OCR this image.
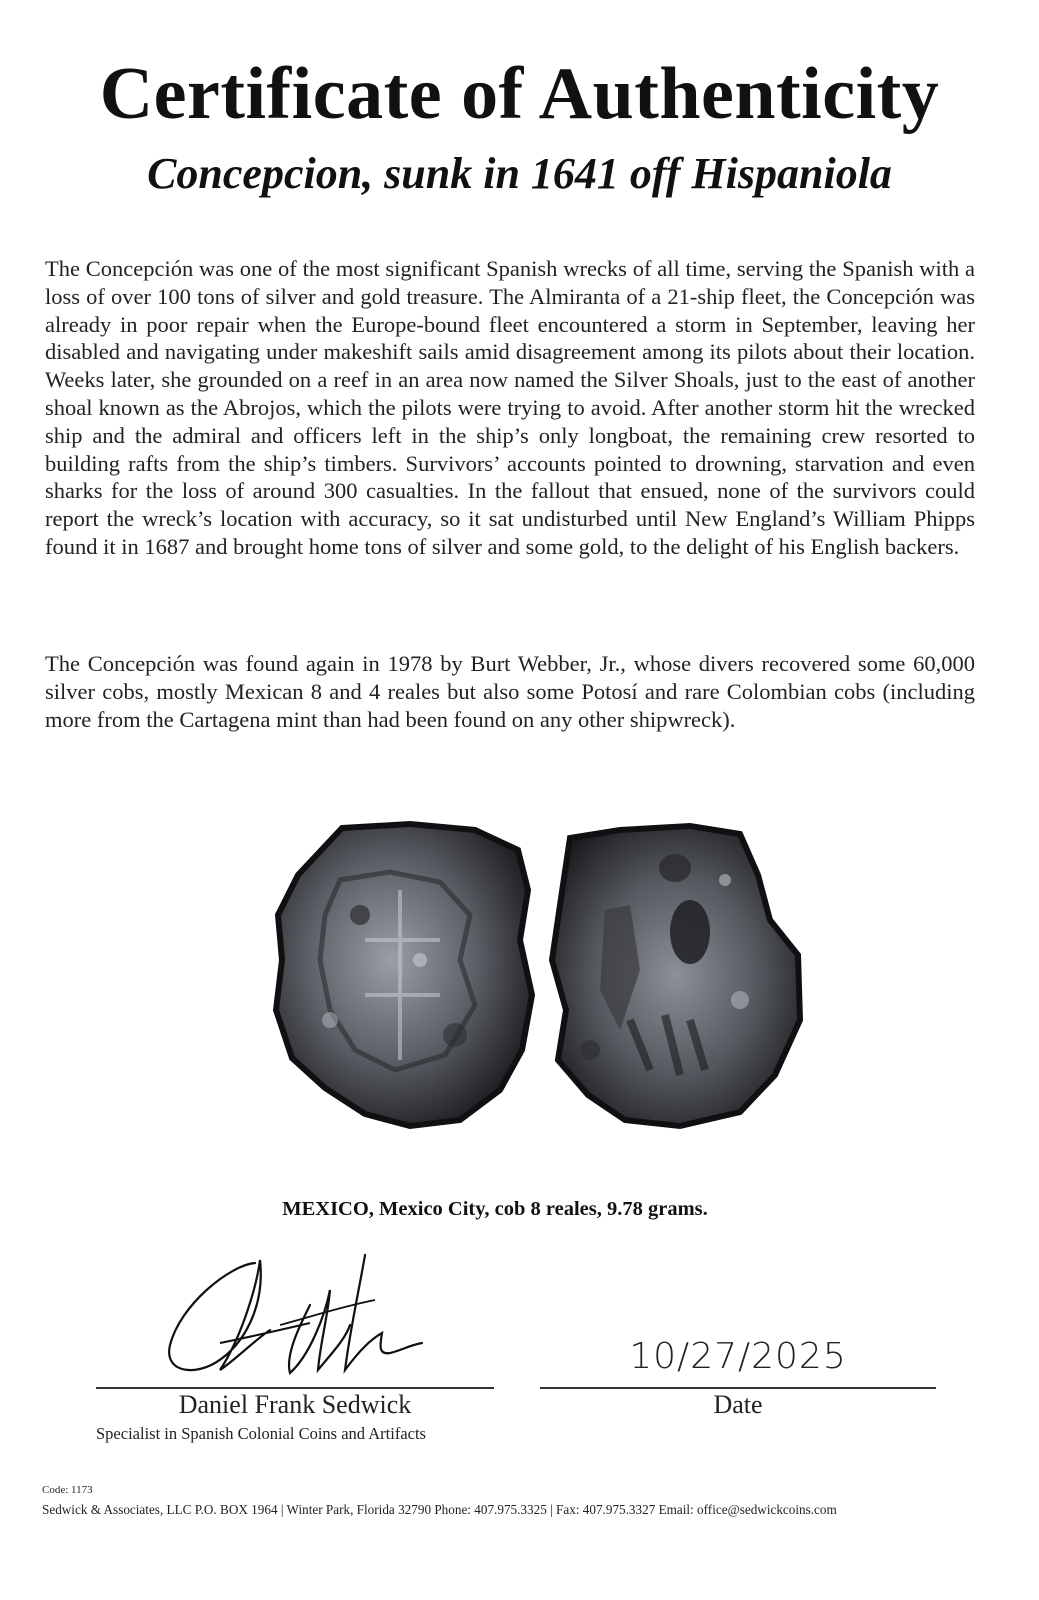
Certificate of Authenticity
Concepcion, sunk in 1641 off Hispaniola

The Concepción was one of the most significant Spanish wrecks of all time, serving the Spanish with a loss of over 100 tons of silver and gold treasure. The Almiranta of a 21-ship fleet, the Concepción was already in poor repair when the Europe-bound fleet encountered a storm in September, leaving her disabled and navigating under makeshift sails amid disagreement among its pilots about their location. Weeks later, she grounded on a reef in an area now named the Silver Shoals, just to the east of another shoal known as the Abrojos, which the pilots were trying to avoid. After another storm hit the wrecked ship and the admiral and officers left in the ship’s only longboat, the remaining crew resorted to building rafts from the ship’s timbers. Survivors’ accounts pointed to drowning, starvation and even sharks for the loss of around 300 casualties. In the fallout that ensued, none of the survivors could report the wreck’s location with accuracy, so it sat undisturbed until New England’s William Phipps found it in 1687 and brought home tons of silver and some gold, to the delight of his English backers.

The Concepción was found again in 1978 by Burt Webber, Jr., whose divers recovered some 60,000 silver cobs, mostly Mexican 8 and 4 reales but also some Potosí and rare Colombian cobs (including more from the Cartagena mint than had been found on any other shipwreck).

MEXICO, Mexico City, cob 8 reales, 9.78 grams.

10/27/2025
Daniel Frank Sedwick
Specialist in Spanish Colonial Coins and Artifacts
Date
Code: 1173
Sedwick & Associates, LLC P.O. BOX 1964 | Winter Park, Florida 32790 Phone: 407.975.3325 | Fax: 407.975.3327 Email: office@sedwickcoins.com
